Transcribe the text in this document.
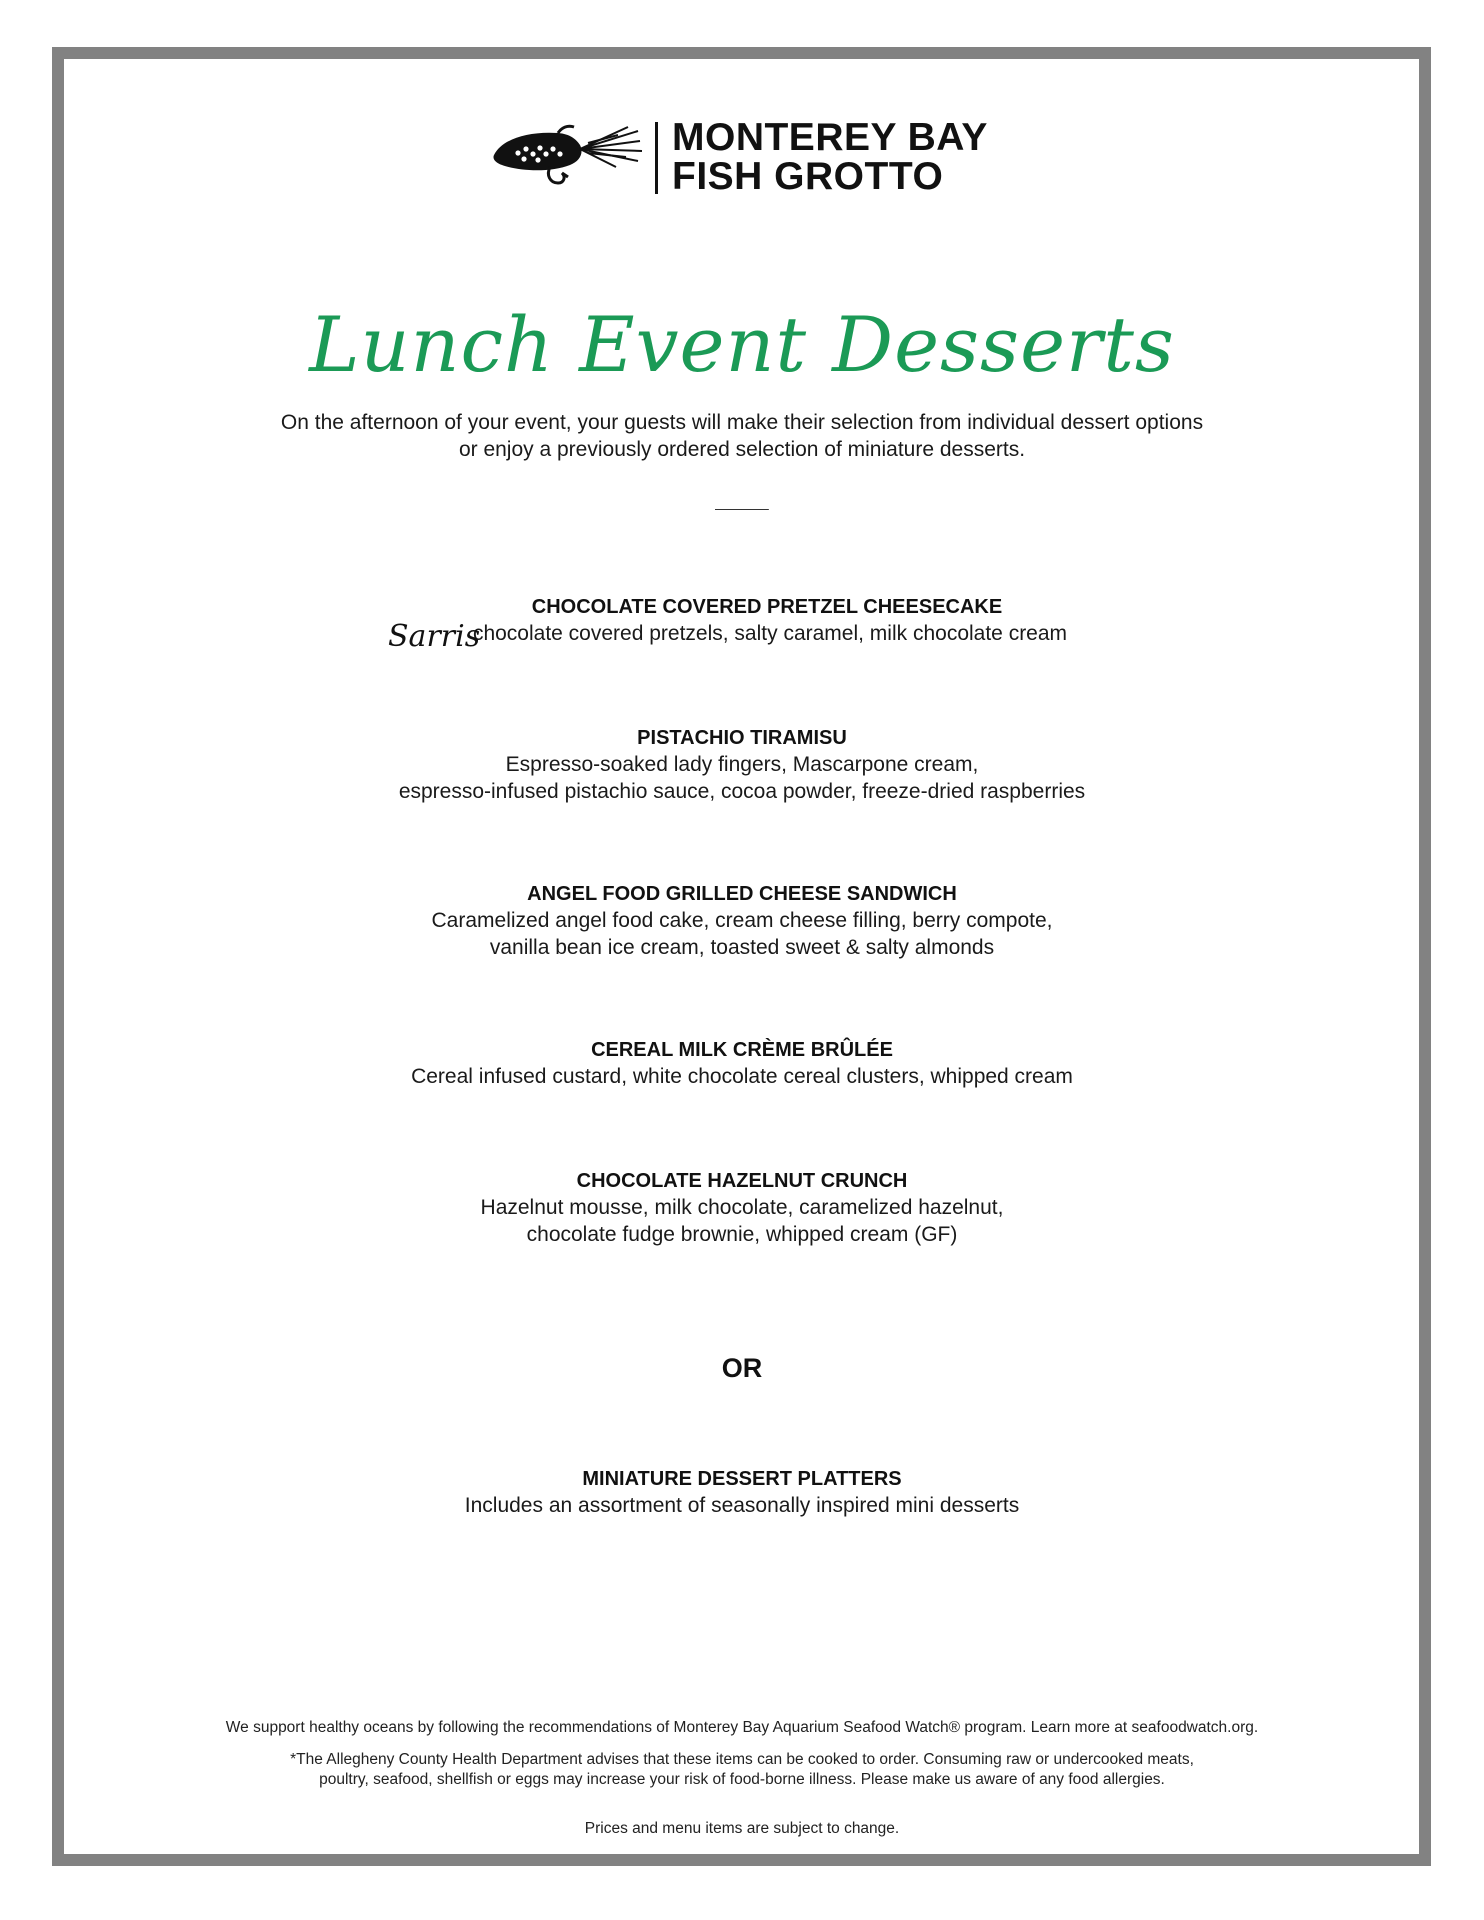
MONTEREY BAY
FISH GROTTO
Lunch Event Desserts
On the afternoon of your event, your guests will make their selection from individual dessert options
or enjoy a previously ordered selection of miniature desserts.
______
CHOCOLATE COVERED PRETZEL CHEESECAKE
chocolate covered pretzels, salty caramel, milk chocolate cream
Sarris
PISTACHIO TIRAMISU
Espresso-soaked lady fingers, Mascarpone cream,
espresso-infused pistachio sauce, cocoa powder, freeze-dried raspberries
ANGEL FOOD GRILLED CHEESE SANDWICH
Caramelized angel food cake, cream cheese filling, berry compote,
vanilla bean ice cream, toasted sweet & salty almonds
CEREAL MILK CRÈME BRÛLÉE
Cereal infused custard, white chocolate cereal clusters, whipped cream
CHOCOLATE HAZELNUT CRUNCH
Hazelnut mousse, milk chocolate, caramelized hazelnut,
chocolate fudge brownie, whipped cream (GF)
OR
MINIATURE DESSERT PLATTERS
Includes an assortment of seasonally inspired mini desserts
We support healthy oceans by following the recommendations of Monterey Bay Aquarium Seafood Watch® program. Learn more at seafoodwatch.org.
*The Allegheny County Health Department advises that these items can be cooked to order. Consuming raw or undercooked meats,
poultry, seafood, shellfish or eggs may increase your risk of food-borne illness. Please make us aware of any food allergies.
Prices and menu items are subject to change.
